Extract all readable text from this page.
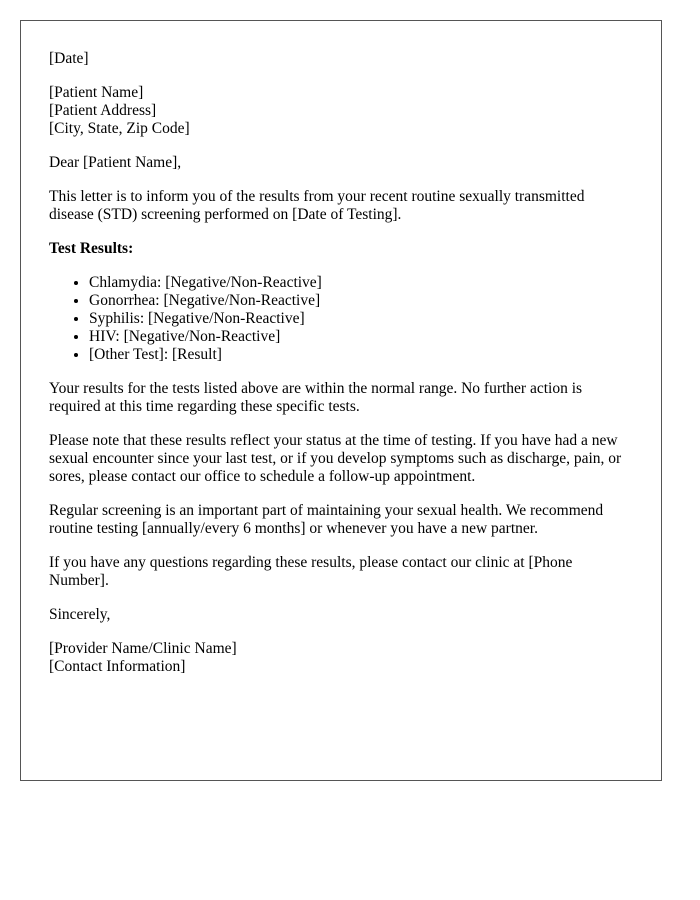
[Date]

[Patient Name]

[Patient Address]

[City, State, Zip Code]

Dear [Patient Name],

This letter is to inform you of the results from your recent routine sexually transmitted disease (STD) screening performed on [Date of Testing].

Test Results:

• Chlamydia: [Negative/Non-Reactive]
• Gonorrhea: [Negative/Non-Reactive]
• Syphilis: [Negative/Non-Reactive]
• HIV: [Negative/Non-Reactive]
• [Other Test]: [Result]

Your results for the tests listed above are within the normal range. No further action is required at this time regarding these specific tests.

Please note that these results reflect your status at the time of testing. If you have had a new sexual encounter since your last test, or if you develop symptoms such as discharge, pain, or sores, please contact our office to schedule a follow-up appointment.

Regular screening is an important part of maintaining your sexual health. We recommend routine testing [annually/every 6 months] or whenever you have a new partner.

If you have any questions regarding these results, please contact our clinic at [Phone Number].

Sincerely,

[Provider Name/Clinic Name]

[Contact Information]
